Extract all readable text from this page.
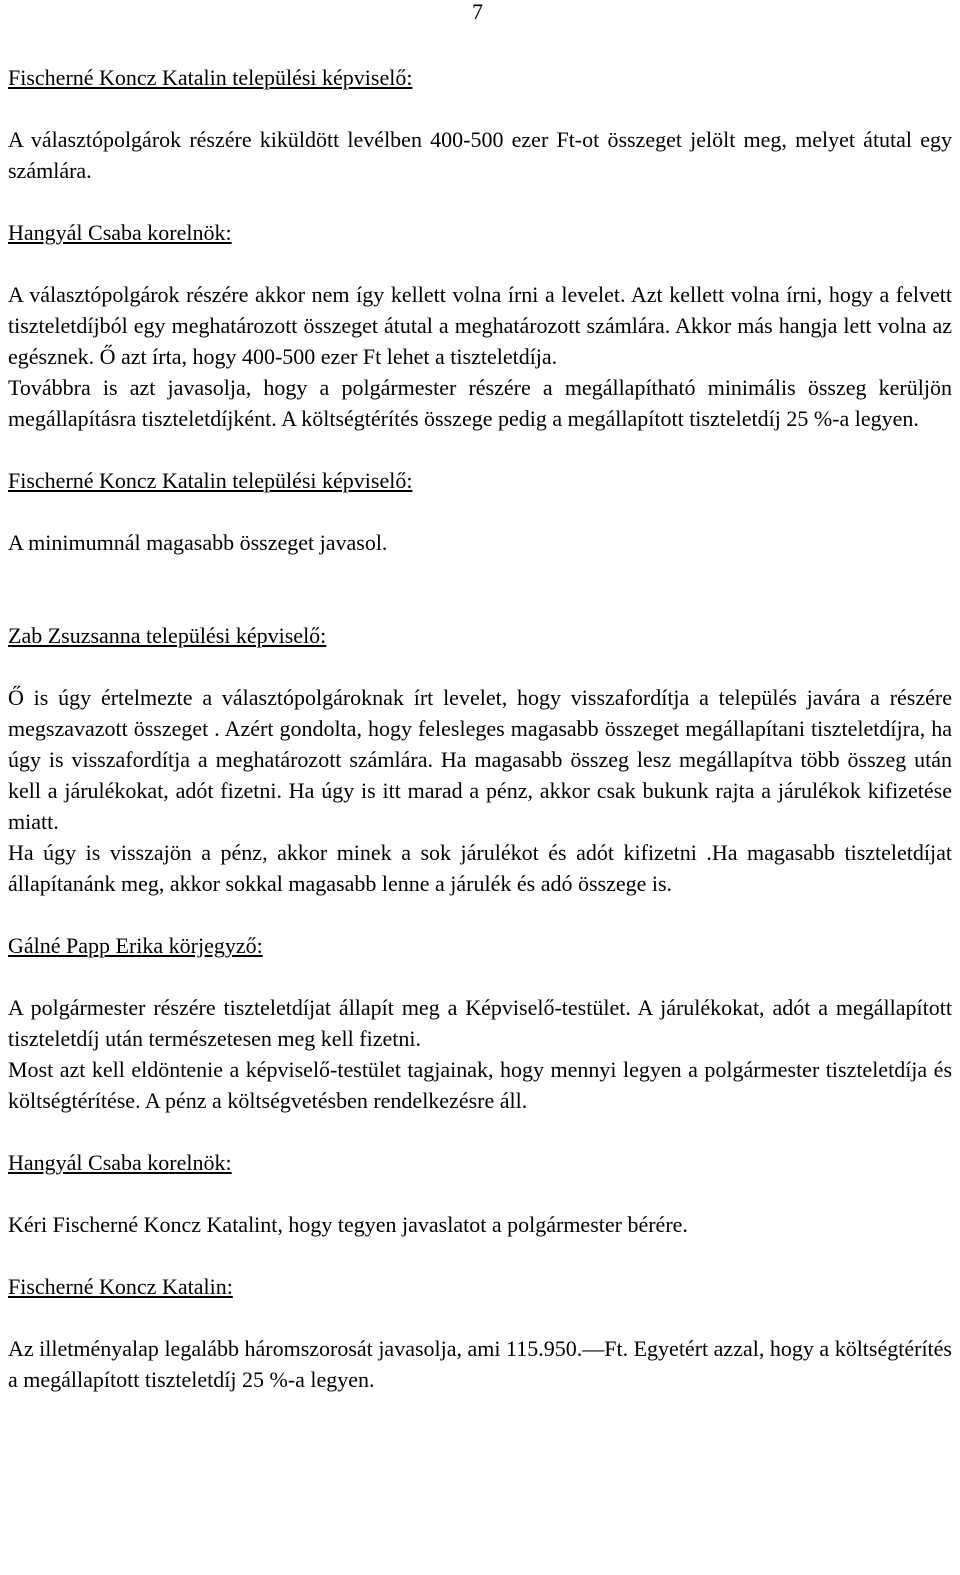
7

Fischerné Koncz Katalin települési képviselő:

A választópolgárok részére kiküldött levélben 400-500 ezer Ft-ot összeget jelölt meg, melyet átutal egy számlára.

Hangyál Csaba korelnök:

A választópolgárok részére akkor nem így kellett volna írni a levelet. Azt kellett volna írni, hogy a felvett tiszteletdíjból egy meghatározott összeget átutal a meghatározott számlára. Akkor más hangja lett volna az egésznek. Ő azt írta, hogy 400-500 ezer Ft lehet a tiszteletdíja.

Továbbra is azt javasolja, hogy a polgármester részére a megállapítható minimális összeg kerüljön megállapításra tiszteletdíjként. A költségtérítés összege pedig a megállapított tiszteletdíj 25 %-a legyen.

Fischerné Koncz Katalin települési képviselő:

A minimumnál magasabb összeget javasol.

Zab Zsuzsanna települési képviselő:

Ő is úgy értelmezte a választópolgároknak írt levelet, hogy visszafordítja a település javára a részére megszavazott összeget . Azért gondolta, hogy felesleges magasabb összeget megállapítani tiszteletdíjra, ha úgy is visszafordítja a meghatározott számlára. Ha magasabb összeg lesz megállapítva több összeg után kell a járulékokat, adót fizetni. Ha úgy is itt marad a pénz, akkor csak bukunk rajta a járulékok kifizetése miatt.

Ha úgy is visszajön a pénz, akkor minek a sok járulékot és adót kifizetni .Ha magasabb tiszteletdíjat állapítanánk meg, akkor sokkal magasabb lenne a járulék és adó összege is.

Gálné Papp Erika körjegyző:

A polgármester részére tiszteletdíjat állapít meg a Képviselő-testület. A járulékokat, adót a megállapított tiszteletdíj után természetesen meg kell fizetni.

Most azt kell eldöntenie a képviselő-testület tagjainak, hogy mennyi legyen a polgármester tiszteletdíja és költségtérítése. A pénz a költségvetésben rendelkezésre áll.

Hangyál Csaba korelnök:

Kéri Fischerné Koncz Katalint, hogy tegyen javaslatot a polgármester bérére.

Fischerné Koncz Katalin:

Az illetményalap legalább háromszorosát javasolja, ami 115.950.—Ft. Egyetért azzal, hogy a költségtérítés a megállapított tiszteletdíj 25 %-a legyen.
